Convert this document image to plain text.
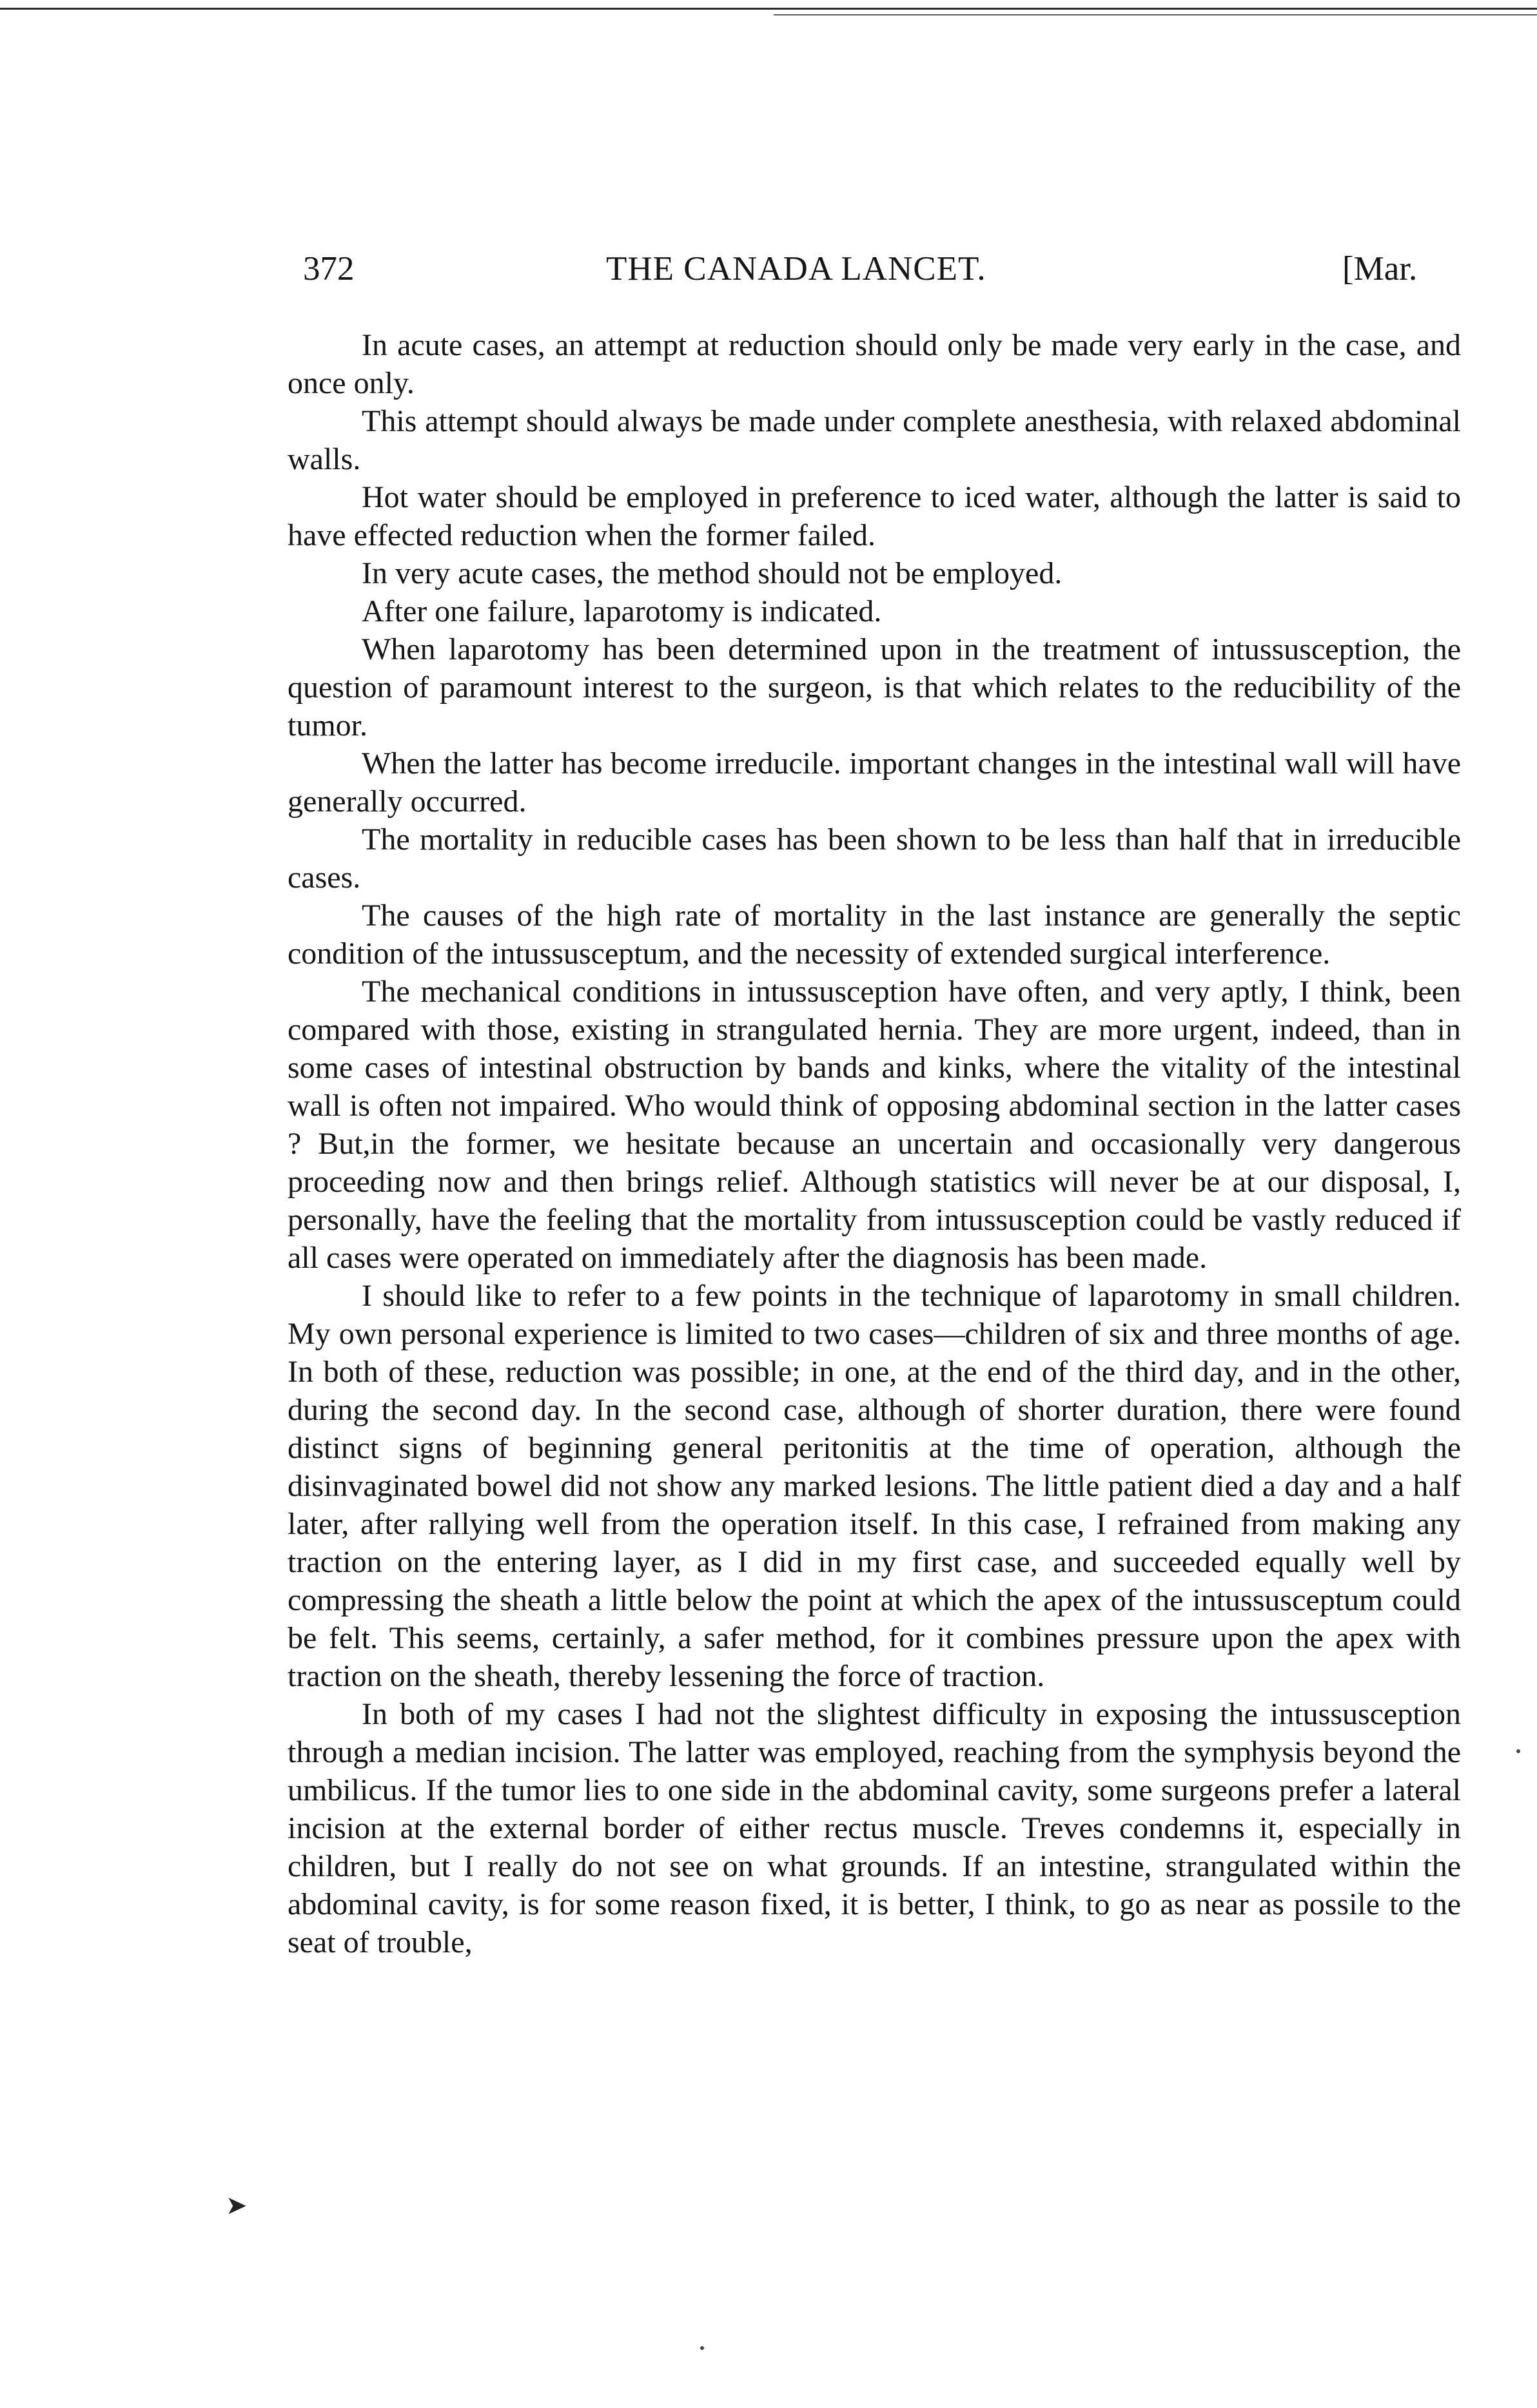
372	THE CANADA LANCET.	[Mar.

In acute cases, an attempt at reduction should only be made very early in the case, and once only.

This attempt should always be made under complete anesthesia, with relaxed abdominal walls.

Hot water should be employed in preference to iced water, although the latter is said to have effected reduction when the former failed.

In very acute cases, the method should not be employed.

After one failure, laparotomy is indicated.

When laparotomy has been determined upon in the treatment of intussusception, the question of paramount interest to the surgeon, is that which relates to the reducibility of the tumor.

When the latter has become irreducile. important changes in the intestinal wall will have generally occurred.

The mortality in reducible cases has been shown to be less than half that in irreducible cases.

The causes of the high rate of mortality in the last instance are generally the septic condition of the intussusceptum, and the necessity of extended surgical interference.

The mechanical conditions in intussusception have often, and very aptly, I think, been compared with those, existing in strangulated hernia. They are more urgent, indeed, than in some cases of intestinal obstruction by bands and kinks, where the vitality of the intestinal wall is often not impaired. Who would think of opposing abdominal section in the latter cases ? But,in the former, we hesitate because an uncertain and occasionally very dangerous proceeding now and then brings relief. Although statistics will never be at our disposal, I, personally, have the feeling that the mortality from intussusception could be vastly reduced if all cases were operated on immediately after the diagnosis has been made.

I should like to refer to a few points in the technique of laparotomy in small children. My own personal experience is limited to two cases—children of six and three months of age. In both of these, reduction was possible; in one, at the end of the third day, and in the other, during the second day. In the second case, although of shorter duration, there were found distinct signs of beginning general peritonitis at the time of operation, although the disinvaginated bowel did not show any marked lesions. The little patient died a day and a half later, after rallying well from the operation itself. In this case, I refrained from making any traction on the entering layer, as I did in my first case, and succeeded equally well by compressing the sheath a little below the point at which the apex of the intussusceptum could be felt. This seems, certainly, a safer method, for it combines pressure upon the apex with traction on the sheath, thereby lessening the force of traction.

In both of my cases I had not the slightest difficulty in exposing the intussusception through a median incision. The latter was employed, reaching from the symphysis beyond the umbilicus. If the tumor lies to one side in the abdominal cavity, some surgeons prefer a lateral incision at the external border of either rectus muscle. Treves condemns it, especially in children, but I really do not see on what grounds. If an intestine, strangulated within the abdominal cavity, is for some reason fixed, it is better, I think, to go as near as possile to the seat of trouble,

➤
